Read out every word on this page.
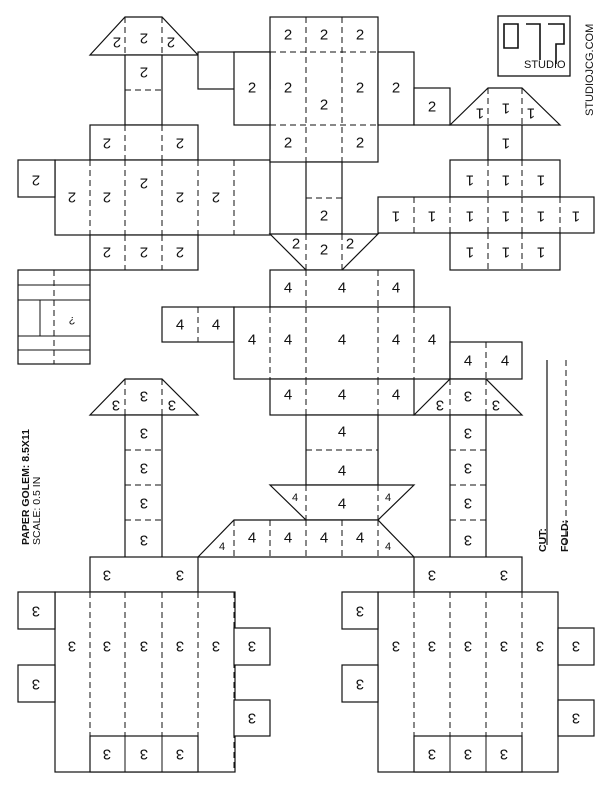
2 2 2
2
2	2
2 2
2
2 2
2
2 2 2
2 2 2
2	2
2 2
2
2 2
2
2
2 2 2
1 1 1
1
1 1 1
1 1 1 1 1 1
1 1 1
STUDIO
?
4	4	4
4 4
4 4	4	4 4
4 4
4	4	4
4
4
4	4	4
4
4 4 4 4
4
3
3
3
3
3
3
3
3	3
3 3 3 3 3
3
3
3
3
3 3 3
3
3
3
3
3
3
3
3	3
3 3 3 3 3
3
3
3
3
3 3 3
PAPER GOLEM: 8.5X11 SCALE: 0.5 IN
STUDIOJCG.COM
CUT: FOLD:
